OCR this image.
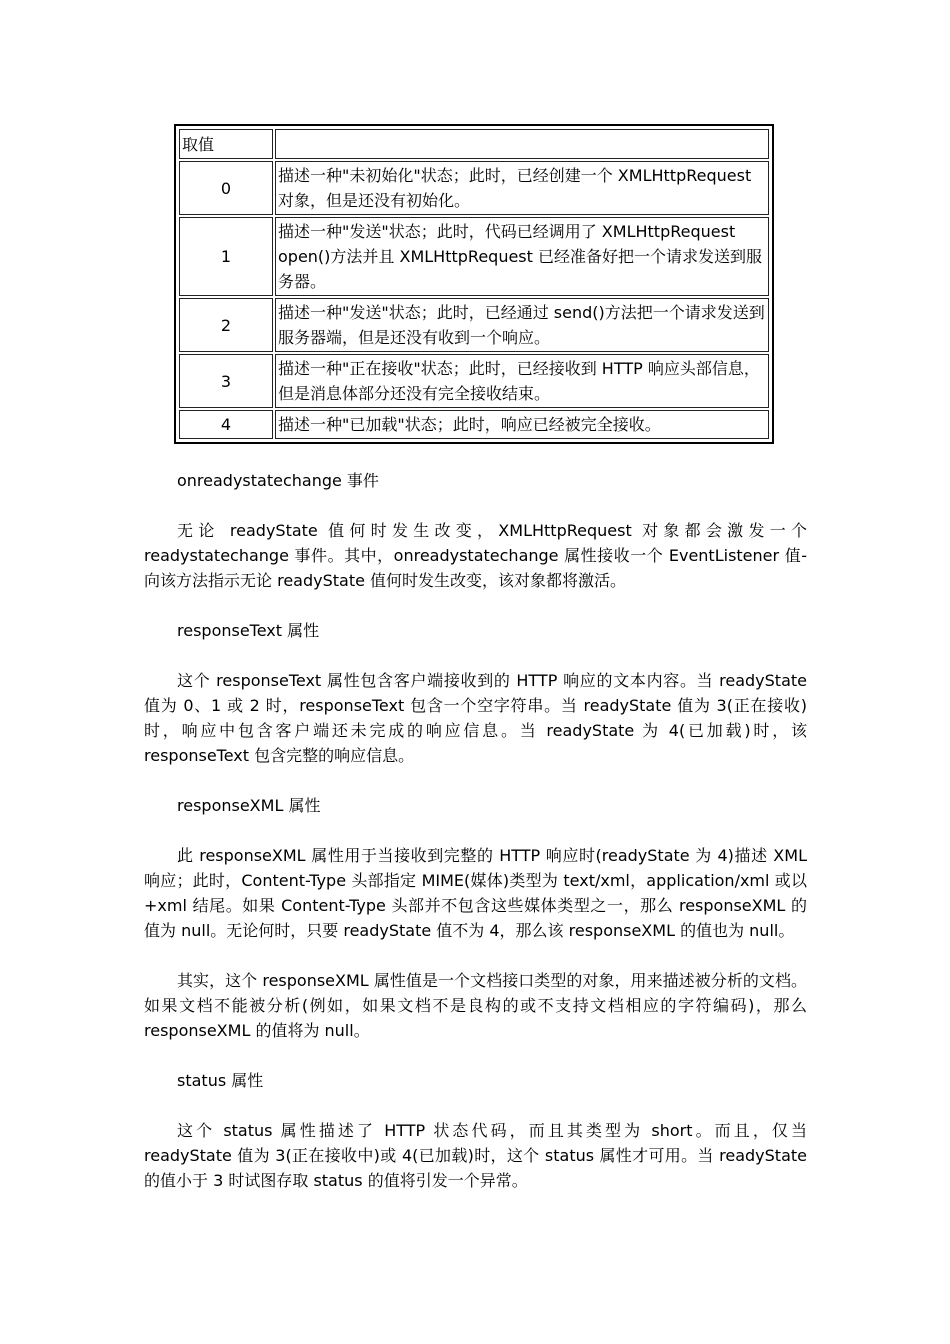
取值	
0	描述一种"未初始化"状态；此时，已经创建一个 XMLHttpRequest 对象，但是还没有初始化。
1	描述一种"发送"状态；此时，代码已经调用了 XMLHttpRequest open()方法并且 XMLHttpRequest 已经准备好把一个请求发送到服务器。
2	描述一种"发送"状态；此时，已经通过 send()方法把一个请求发送到服务器端，但是还没有收到一个响应。
3	描述一种"正在接收"状态；此时，已经接收到 HTTP 响应头部信息，但是消息体部分还没有完全接收结束。
4	描述一种"已加载"状态；此时，响应已经被完全接收。
onreadystatechange 事件

无论 readyState 值何时发生改变，XMLHttpRequest 对象都会激发一个 readystatechange 事件。其中，onreadystatechange 属性接收一个 EventListener 值-向该方法指示无论 readyState 值何时发生改变，该对象都将激活。

responseText 属性

这个 responseText 属性包含客户端接收到的 HTTP 响应的文本内容。当 readyState 值为 0、1 或 2 时，responseText 包含一个空字符串。当 readyState 值为 3(正在接收)时，响应中包含客户端还未完成的响应信息。当 readyState 为 4(已加载)时，该 responseText 包含完整的响应信息。

responseXML 属性

此 responseXML 属性用于当接收到完整的 HTTP 响应时(readyState 为 4)描述 XML 响应；此时，Content-Type 头部指定 MIME(媒体)类型为 text/xml，application/xml 或以+xml 结尾。如果 Content-Type 头部并不包含这些媒体类型之一，那么 responseXML 的值为 null。无论何时，只要 readyState 值不为 4，那么该 responseXML 的值也为 null。

其实，这个 responseXML 属性值是一个文档接口类型的对象，用来描述被分析的文档。如果文档不能被分析(例如，如果文档不是良构的或不支持文档相应的字符编码)，那么 responseXML 的值将为 null。

status 属性

这个 status 属性描述了 HTTP 状态代码，而且其类型为 short。而且，仅当 readyState 值为 3(正在接收中)或 4(已加载)时，这个 status 属性才可用。当 readyState 的值小于 3 时试图存取 status 的值将引发一个异常。
